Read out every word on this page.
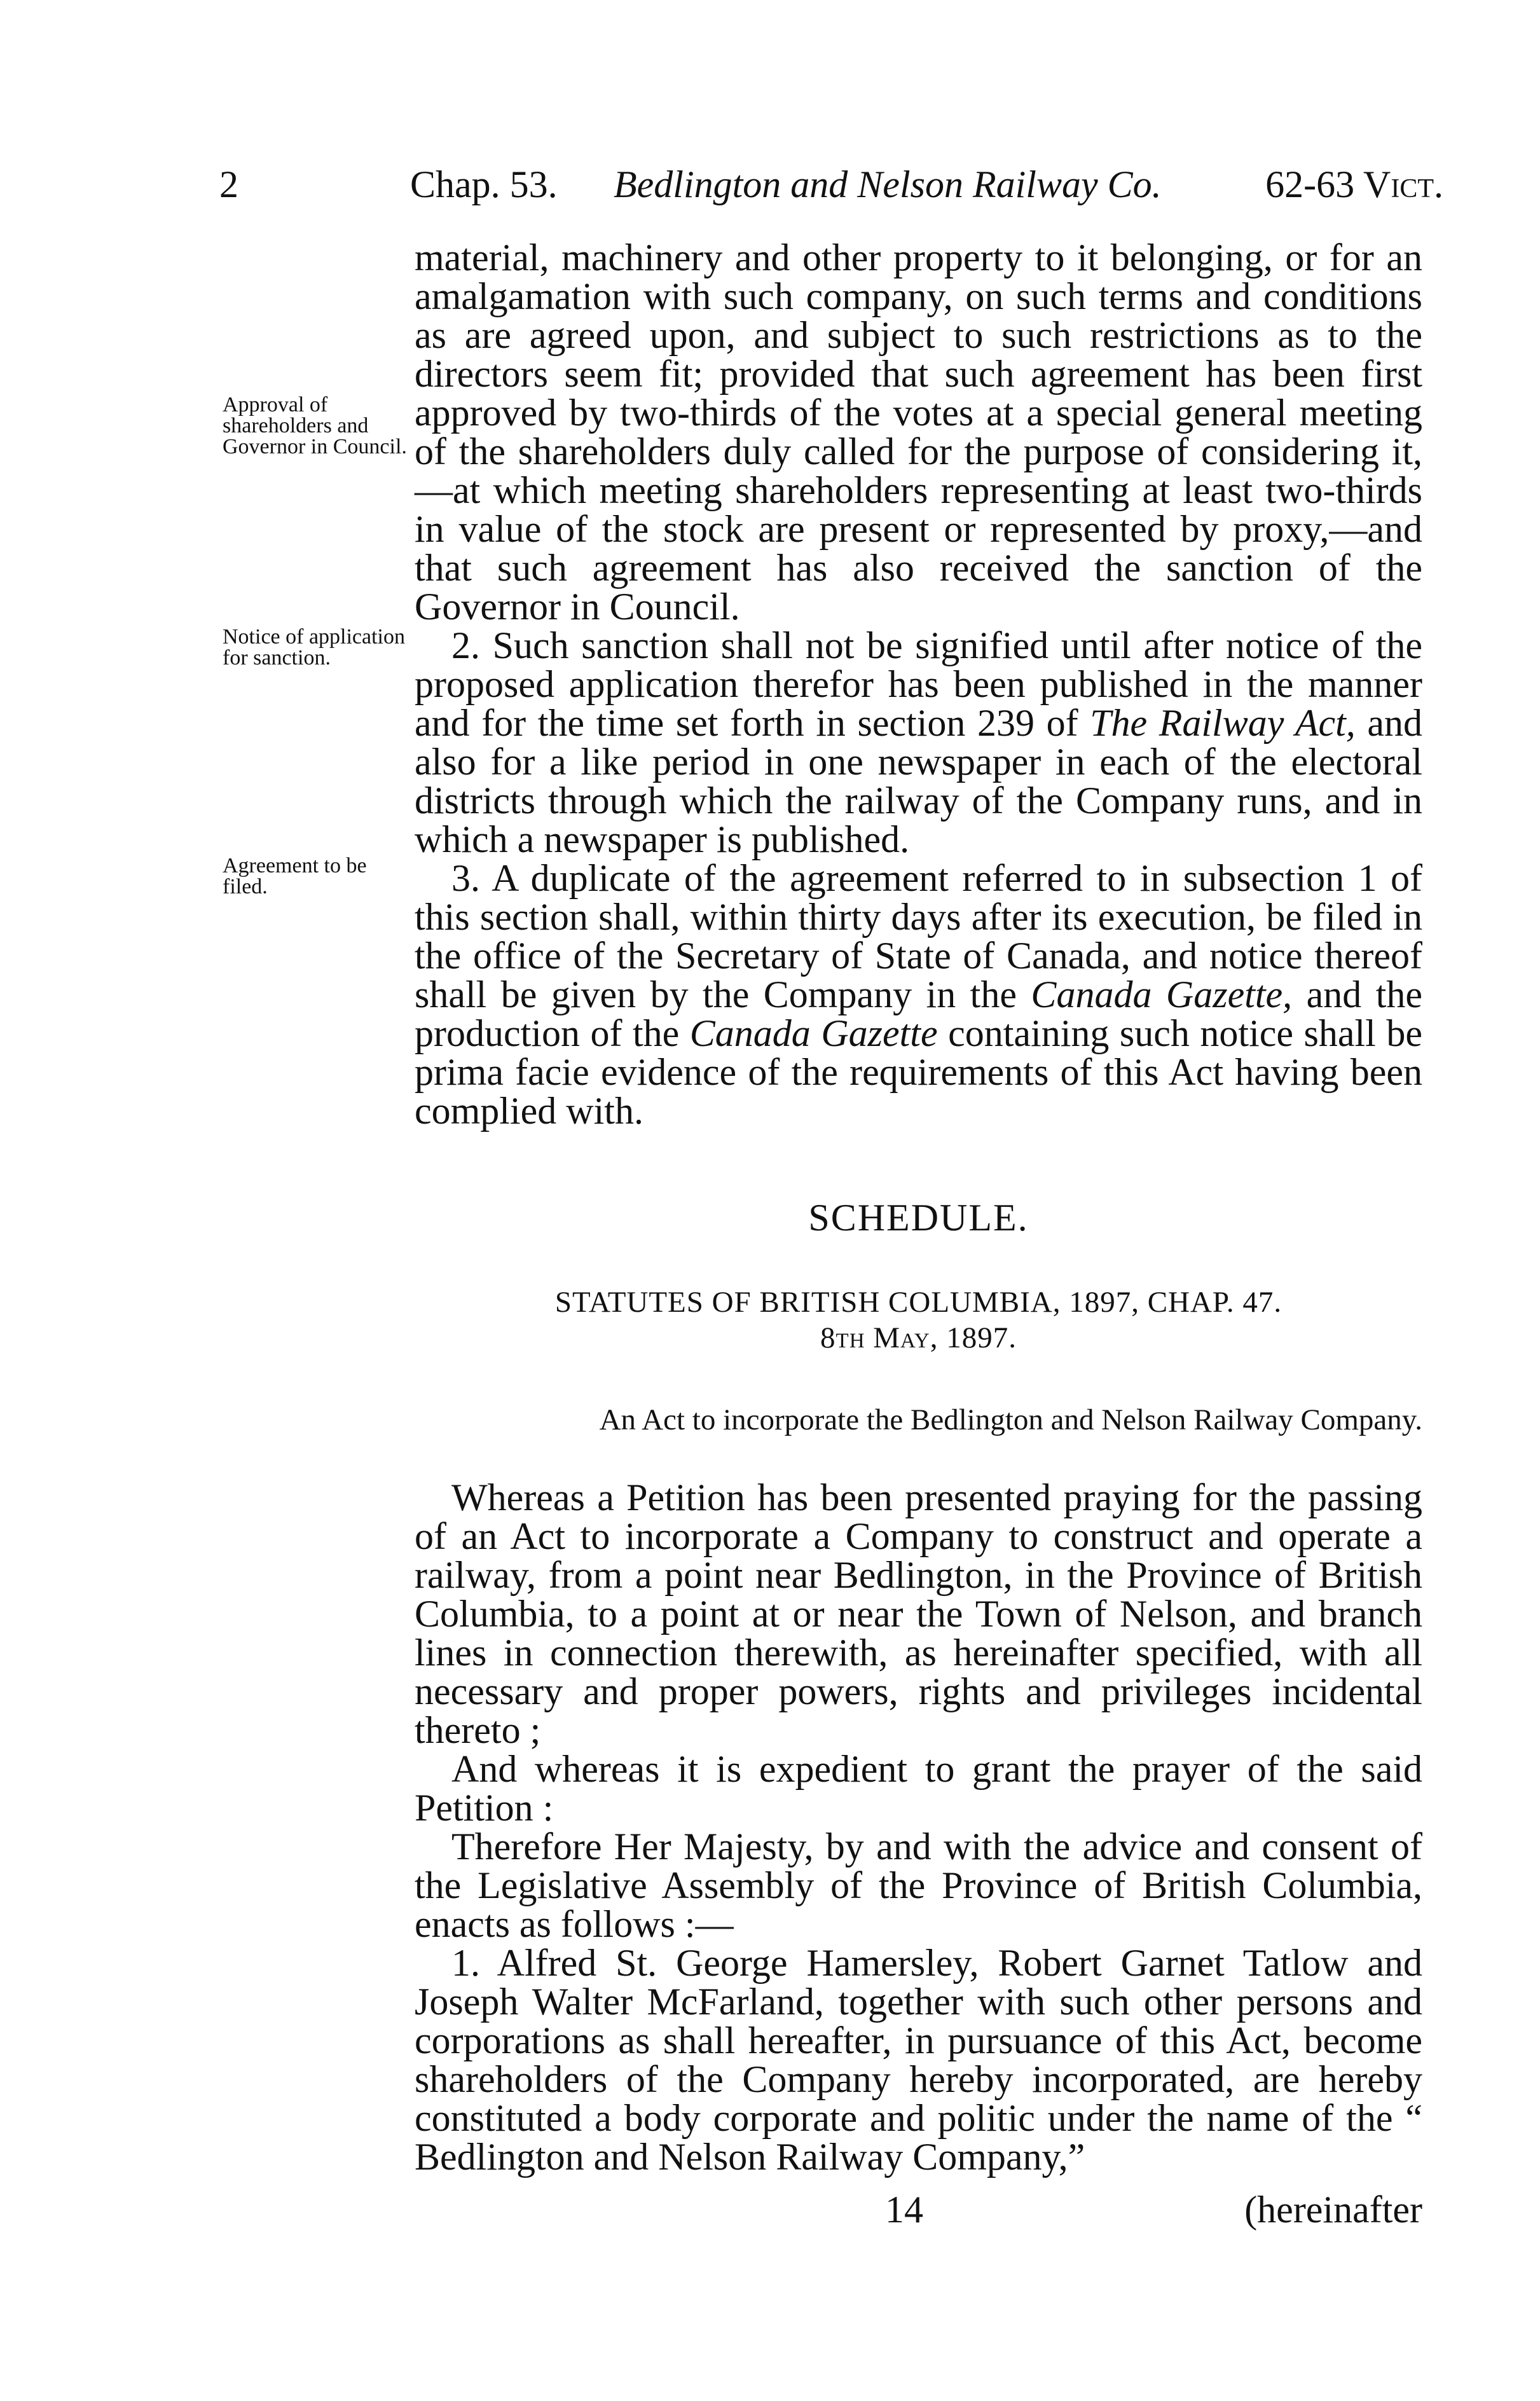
2	Chap. 53. Bedlington and Nelson Railway Co.	62-63 Vict.
Approval of shareholders and Governor in Council.
Notice of application for sanction.
Agreement to be filed.

material, machinery and other property to it belonging, or for an amalgamation with such company, on such terms and conditions as are agreed upon, and subject to such restrictions as to the directors seem fit; provided that such agreement has been first approved by two-thirds of the votes at a special general meeting of the shareholders duly called for the purpose of considering it,—at which meeting shareholders representing at least two-thirds in value of the stock are present or represented by proxy,—and that such agreement has also received the sanction of the Governor in Council.

2. Such sanction shall not be signified until after notice of the proposed application therefor has been published in the manner and for the time set forth in section 239 of The Railway Act, and also for a like period in one newspaper in each of the electoral districts through which the railway of the Company runs, and in which a newspaper is published.

3. A duplicate of the agreement referred to in subsection 1 of this section shall, within thirty days after its execution, be filed in the office of the Secretary of State of Canada, and notice thereof shall be given by the Company in the Canada Gazette, and the production of the Canada Gazette containing such notice shall be prima facie evidence of the requirements of this Act having been complied with.

SCHEDULE.
STATUTES OF BRITISH COLUMBIA, 1897, CHAP. 47.
8th May, 1897.
An Act to incorporate the Bedlington and Nelson Railway Company.

Whereas a Petition has been presented praying for the passing of an Act to incorporate a Company to construct and operate a railway, from a point near Bedlington, in the Province of British Columbia, to a point at or near the Town of Nelson, and branch lines in connection therewith, as hereinafter specified, with all necessary and proper powers, rights and privileges incidental thereto ;

And whereas it is expedient to grant the prayer of the said Petition :

Therefore Her Majesty, by and with the advice and consent of the Legislative Assembly of the Province of British Columbia, enacts as follows :—

1. Alfred St. George Hamersley, Robert Garnet Tatlow and Joseph Walter McFarland, together with such other persons and corporations as shall hereafter, in pursuance of this Act, become shareholders of the Company hereby incorporated, are hereby constituted a body corporate and politic under the name of the “ Bedlington and Nelson Railway Company,”

14	(hereinafter
